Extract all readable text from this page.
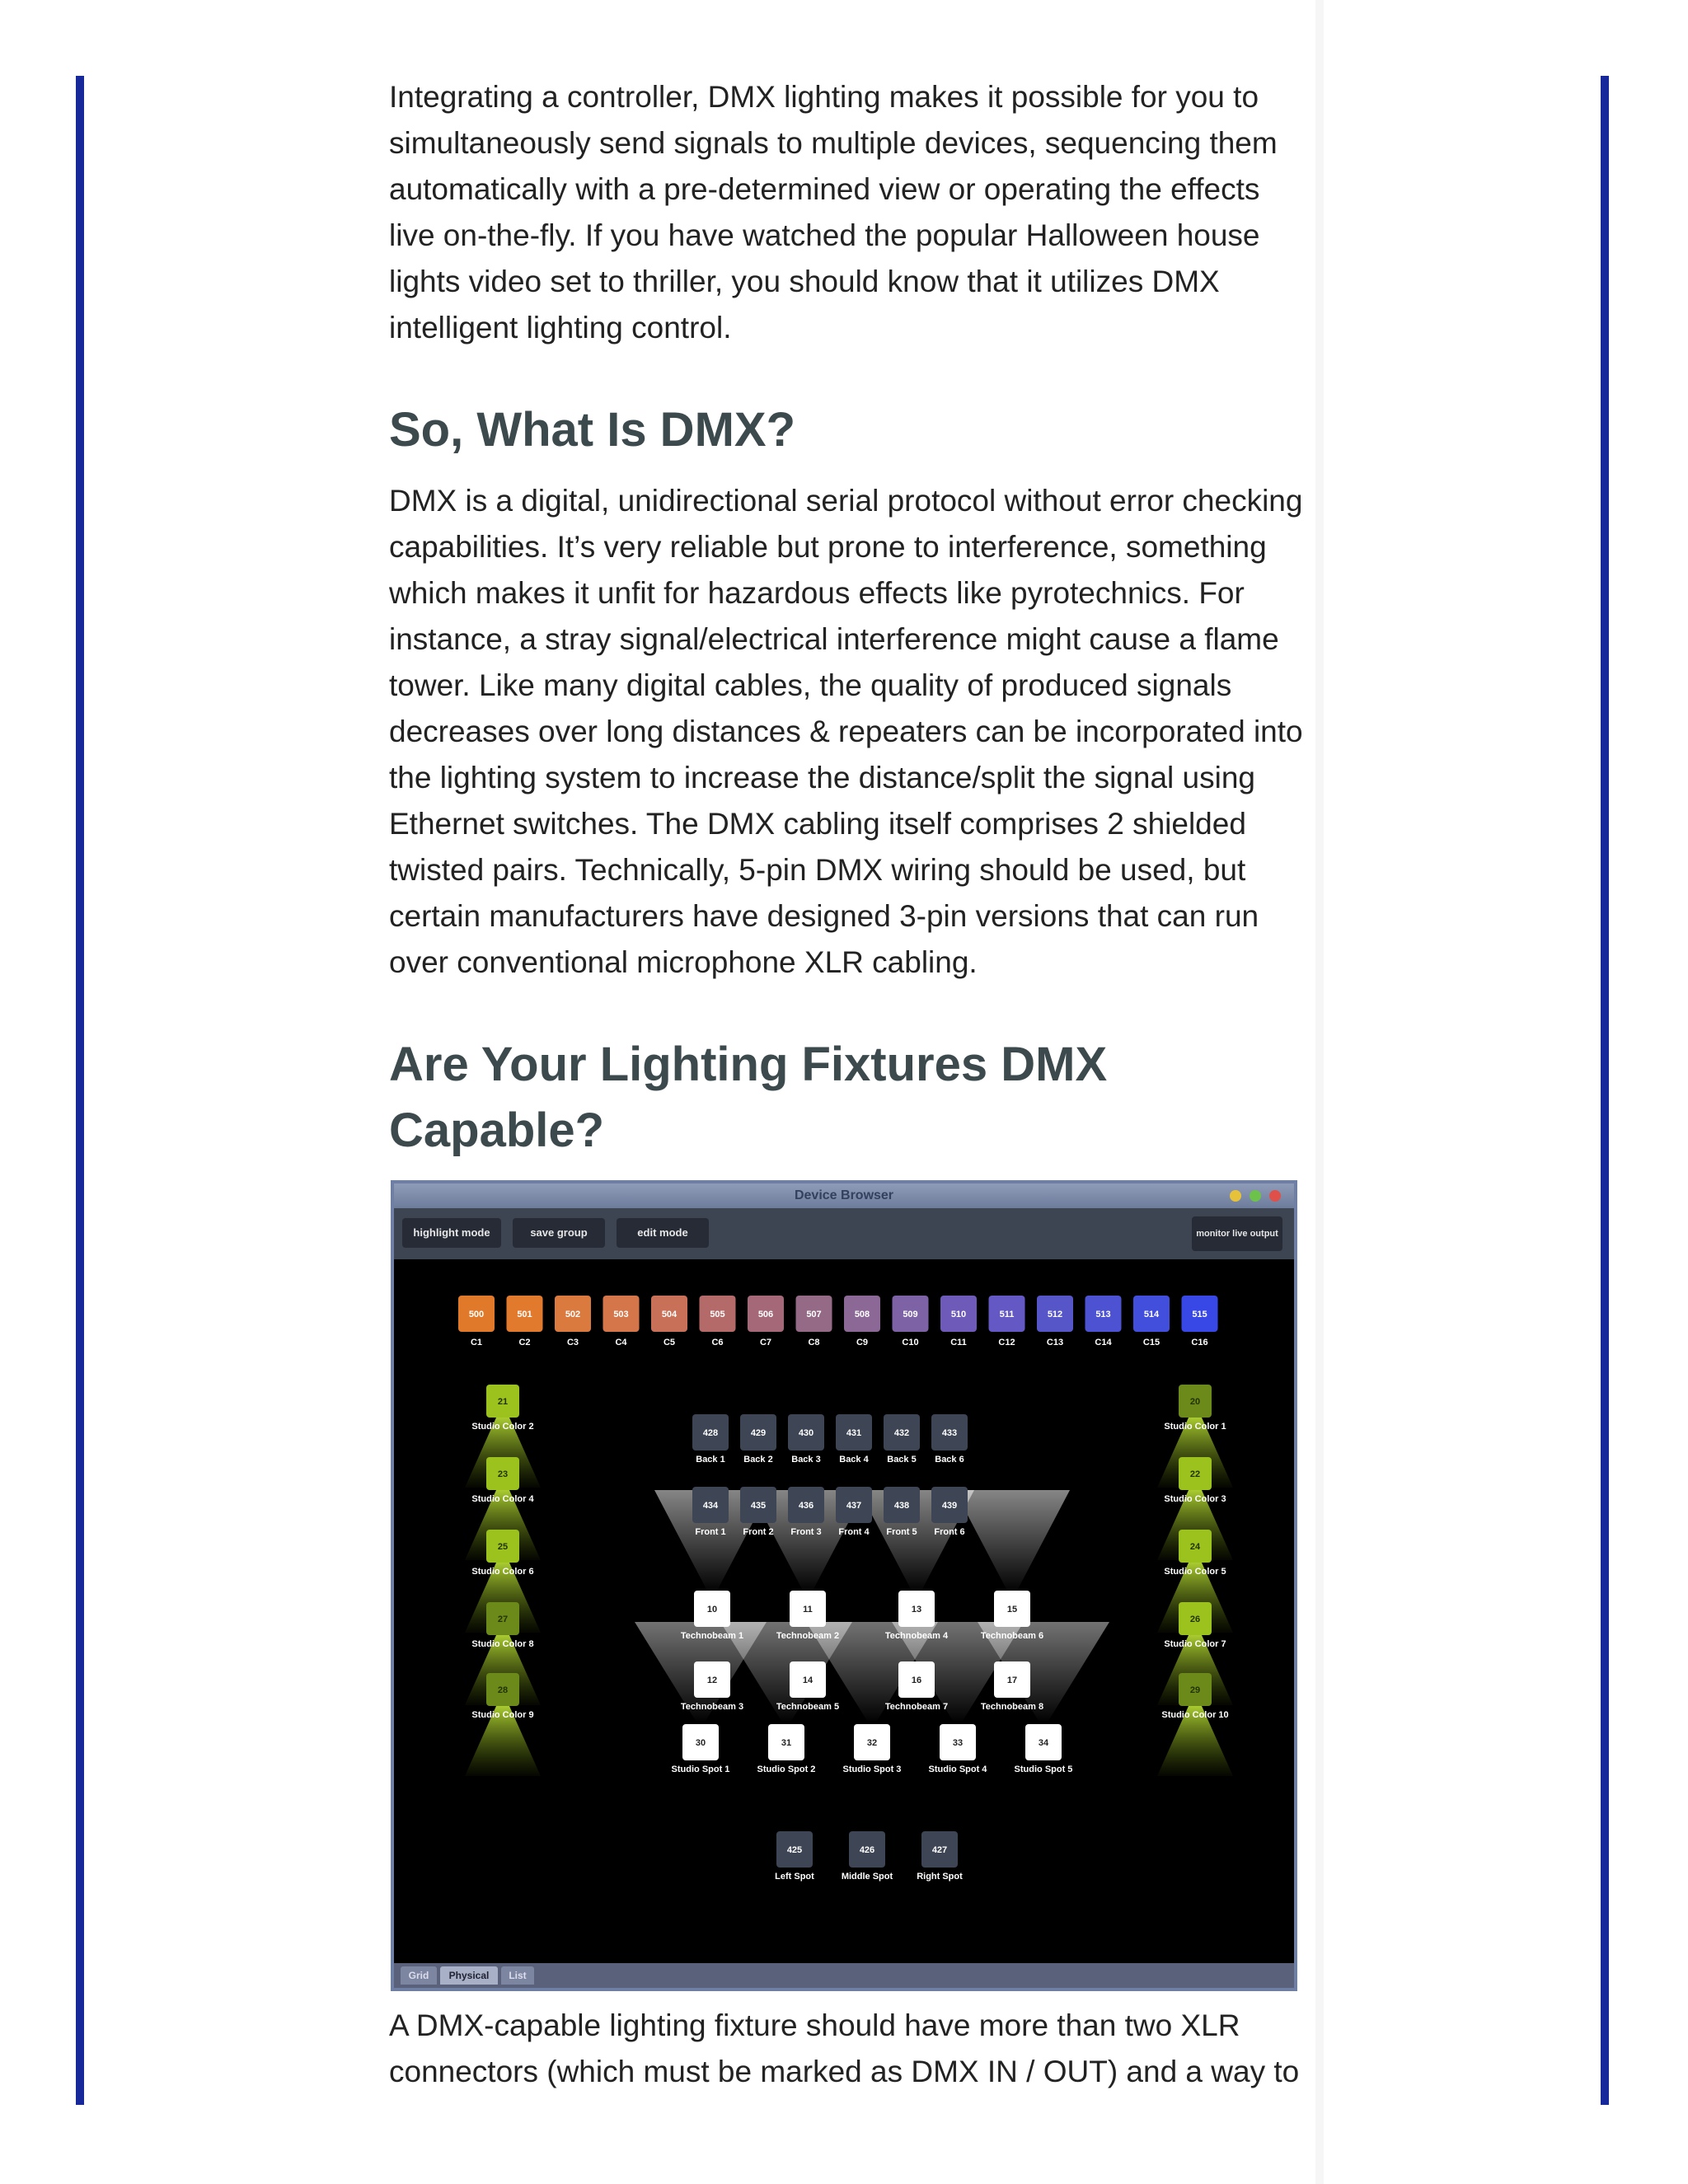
Integrating a controller, DMX lighting makes it possible for you to simultaneously send signals to multiple devices, sequencing them automatically with a pre-determined view or operating the effects live on-the-fly. If you have watched the popular Halloween house lights video set to thriller, you should know that it utilizes DMX intelligent lighting control.

So, What Is DMX?

DMX is a digital, unidirectional serial protocol without error checking capabilities. It’s very reliable but prone to interference, something which makes it unfit for hazardous effects like pyrotechnics. For instance, a stray signal/electrical interference might cause a flame tower. Like many digital cables, the quality of produced signals decreases over long distances & repeaters can be incorporated into the lighting system to increase the distance/split the signal using Ethernet switches. The DMX cabling itself comprises 2 shielded twisted pairs. Technically, 5-pin DMX wiring should be used, but certain manufacturers have designed 3-pin versions that can run over conventional microphone XLR cabling.

Are Your Lighting Fixtures DMX Capable?

A DMX-capable lighting fixture should have more than two XLR connectors (which must be marked as DMX IN / OUT) and a way to

Device Browser
highlight mode	save group	edit mode	monitor live output
500
C1
501
C2
502
C3
503
C4
504
C5
505
C6
506
C7
507
C8
508
C9
509
C10
510
C11
511
C12
512
C13
513
C14
514
C15
515
C16
21
Studio Color 2
23
Studio Color 4
25
Studio Color 6
27
Studio Color 8
28
Studio Color 9
20
Studio Color 1
22
Studio Color 3
24
Studio Color 5
26
Studio Color 7
29
Studio Color 10
428
Back 1
429
Back 2
430
Back 3
431
Back 4
432
Back 5
433
Back 6
434
Front 1
435
Front 2
436
Front 3
437
Front 4
438
Front 5
439
Front 6
10
Technobeam 1
11
Technobeam 2
13
Technobeam 4
15
Technobeam 6
12
Technobeam 3
14
Technobeam 5
16
Technobeam 7
17
Technobeam 8
30
Studio Spot 1
31
Studio Spot 2
32
Studio Spot 3
33
Studio Spot 4
34
Studio Spot 5
425
Left Spot
426
Middle Spot
427
Right Spot
Grid	Physical	List
